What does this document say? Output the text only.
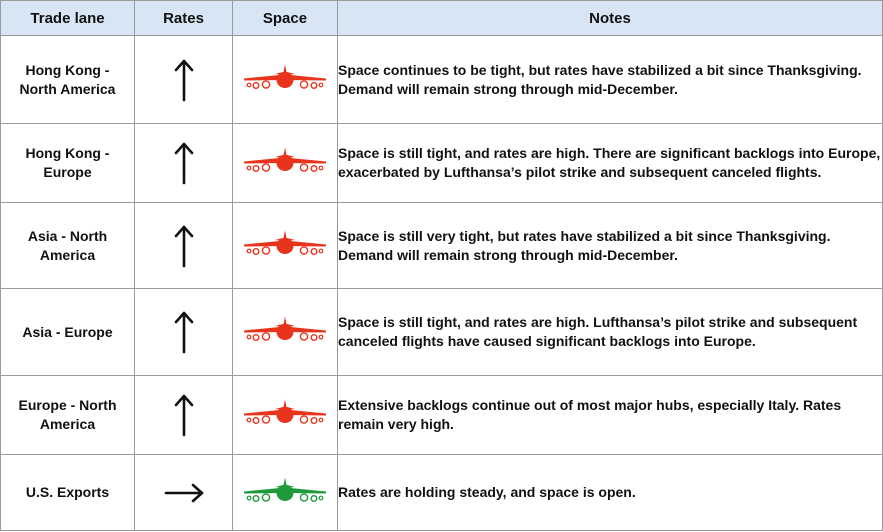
Trade lane	Rates	Space	Notes

Hong Kong -
North America			Space continues to be tight, but rates have stabilized a bit since Thanksgiving. Demand will remain strong through mid-December.

Hong Kong -
Europe			Space is still tight, and rates are high. There are significant backlogs into Europe, exacerbated by Lufthansa’s pilot strike and subsequent canceled flights.

Asia - North
America			Space is still very tight, but rates have stabilized a bit since Thanksgiving. Demand will remain strong through mid-December.

Asia - Europe			Space is still tight, and rates are high. Lufthansa’s pilot strike and subsequent canceled flights have caused significant backlogs into Europe.

Europe - North
America			Extensive backlogs continue out of most major hubs, especially Italy. Rates remain very high.

U.S. Exports			Rates are holding steady, and space is open.
